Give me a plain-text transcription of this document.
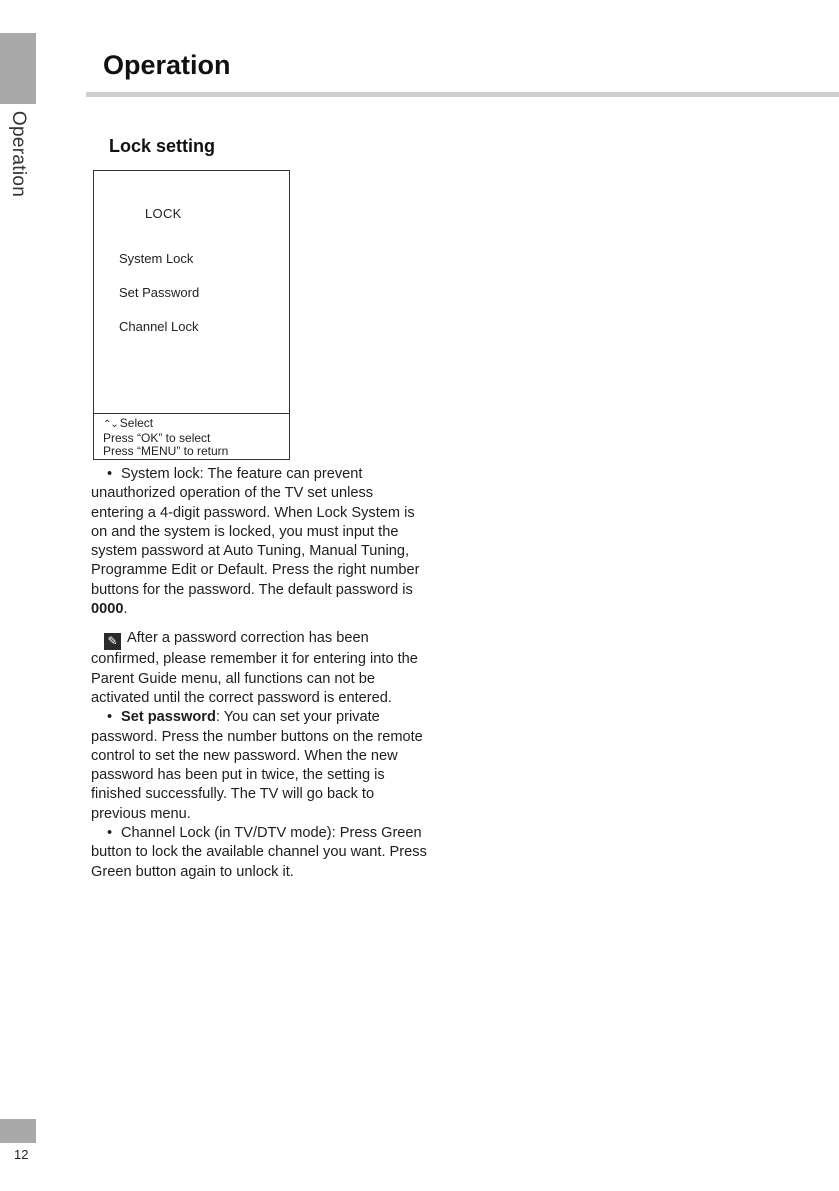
Operation
Operation
Lock setting
LOCK
System Lock
Set Password
Channel Lock
⌃⌄ Select
Press “OK” to select
Press “MENU” to return

• System lock: The feature can prevent unauthorized operation of the TV set unless entering a 4-digit password. When Lock System is on and the system is locked, you must input the system password at Auto Tuning, Manual Tuning, Programme Edit or Default. Press the right number buttons for the password. The default password is 0000.

✎ After a password correction has been confirmed, please remember it for entering into the Parent Guide menu, all functions can not be activated until the correct password is entered.

• Set password: You can set your private password. Press the number buttons on the remote control to set the new password. When the new password has been put in twice, the setting is finished successfully. The TV will go back to previous menu.

• Channel Lock (in TV/DTV mode): Press Green button to lock the available channel you want. Press Green button again to unlock it.

12
